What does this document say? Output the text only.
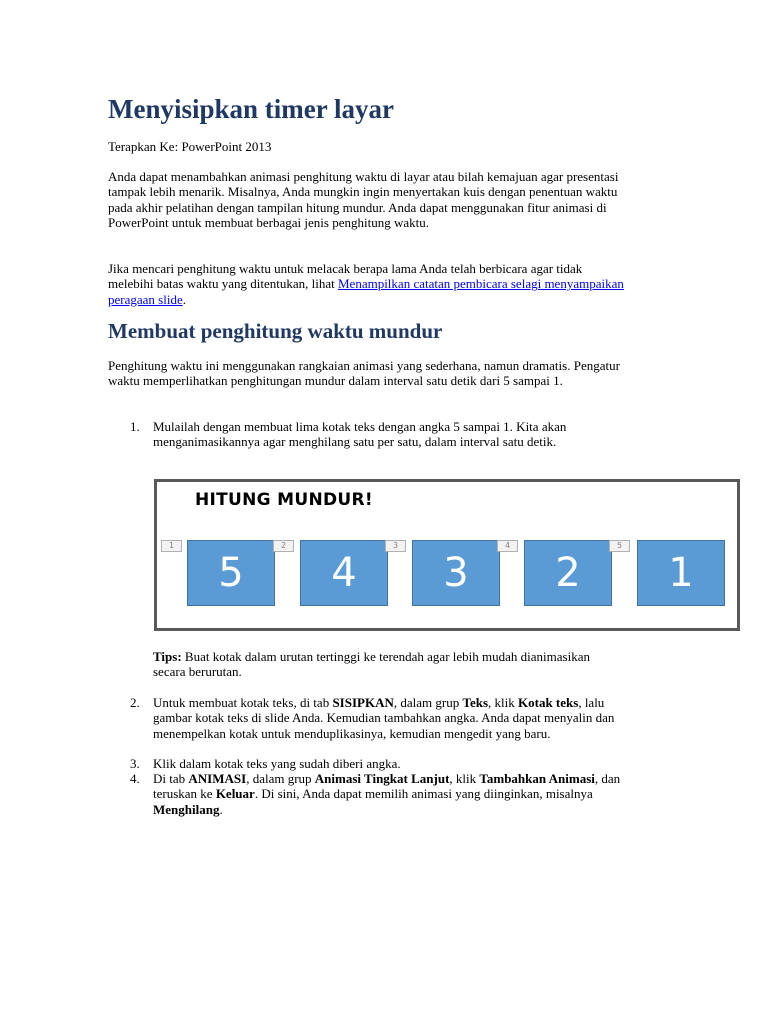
Menyisipkan timer layar
Terapkan Ke: PowerPoint 2013
Anda dapat menambahkan animasi penghitung waktu di layar atau bilah kemajuan agar presentasi tampak lebih menarik. Misalnya, Anda mungkin ingin menyertakan kuis dengan penentuan waktu pada akhir pelatihan dengan tampilan hitung mundur. Anda dapat menggunakan fitur animasi di PowerPoint untuk membuat berbagai jenis penghitung waktu.
Jika mencari penghitung waktu untuk melacak berapa lama Anda telah berbicara agar tidak melebihi batas waktu yang ditentukan, lihat Menampilkan catatan pembicara selagi menyampaikan peragaan slide.
Membuat penghitung waktu mundur
Penghitung waktu ini menggunakan rangkaian animasi yang sederhana, namun dramatis. Pengatur waktu memperlihatkan penghitungan mundur dalam interval satu detik dari 5 sampai 1.
1. Mulailah dengan membuat lima kotak teks dengan angka 5 sampai 1. Kita akan menganimasikannya agar menghilang satu per satu, dalam interval satu detik.
Tips: Buat kotak dalam urutan tertinggi ke terendah agar lebih mudah dianimasikan secara berurutan.
2. Untuk membuat kotak teks, di tab SISIPKAN, dalam grup Teks, klik Kotak teks, lalu gambar kotak teks di slide Anda. Kemudian tambahkan angka. Anda dapat menyalin dan menempelkan kotak untuk menduplikasinya, kemudian mengedit yang baru.
3. Klik dalam kotak teks yang sudah diberi angka.
4. Di tab ANIMASI, dalam grup Animasi Tingkat Lanjut, klik Tambahkan Animasi, dan teruskan ke Keluar. Di sini, Anda dapat memilih animasi yang diinginkan, misalnya Menghilang.
HITUNG MUNDUR!
1
5
2
4
3
3
4
2
5
1
